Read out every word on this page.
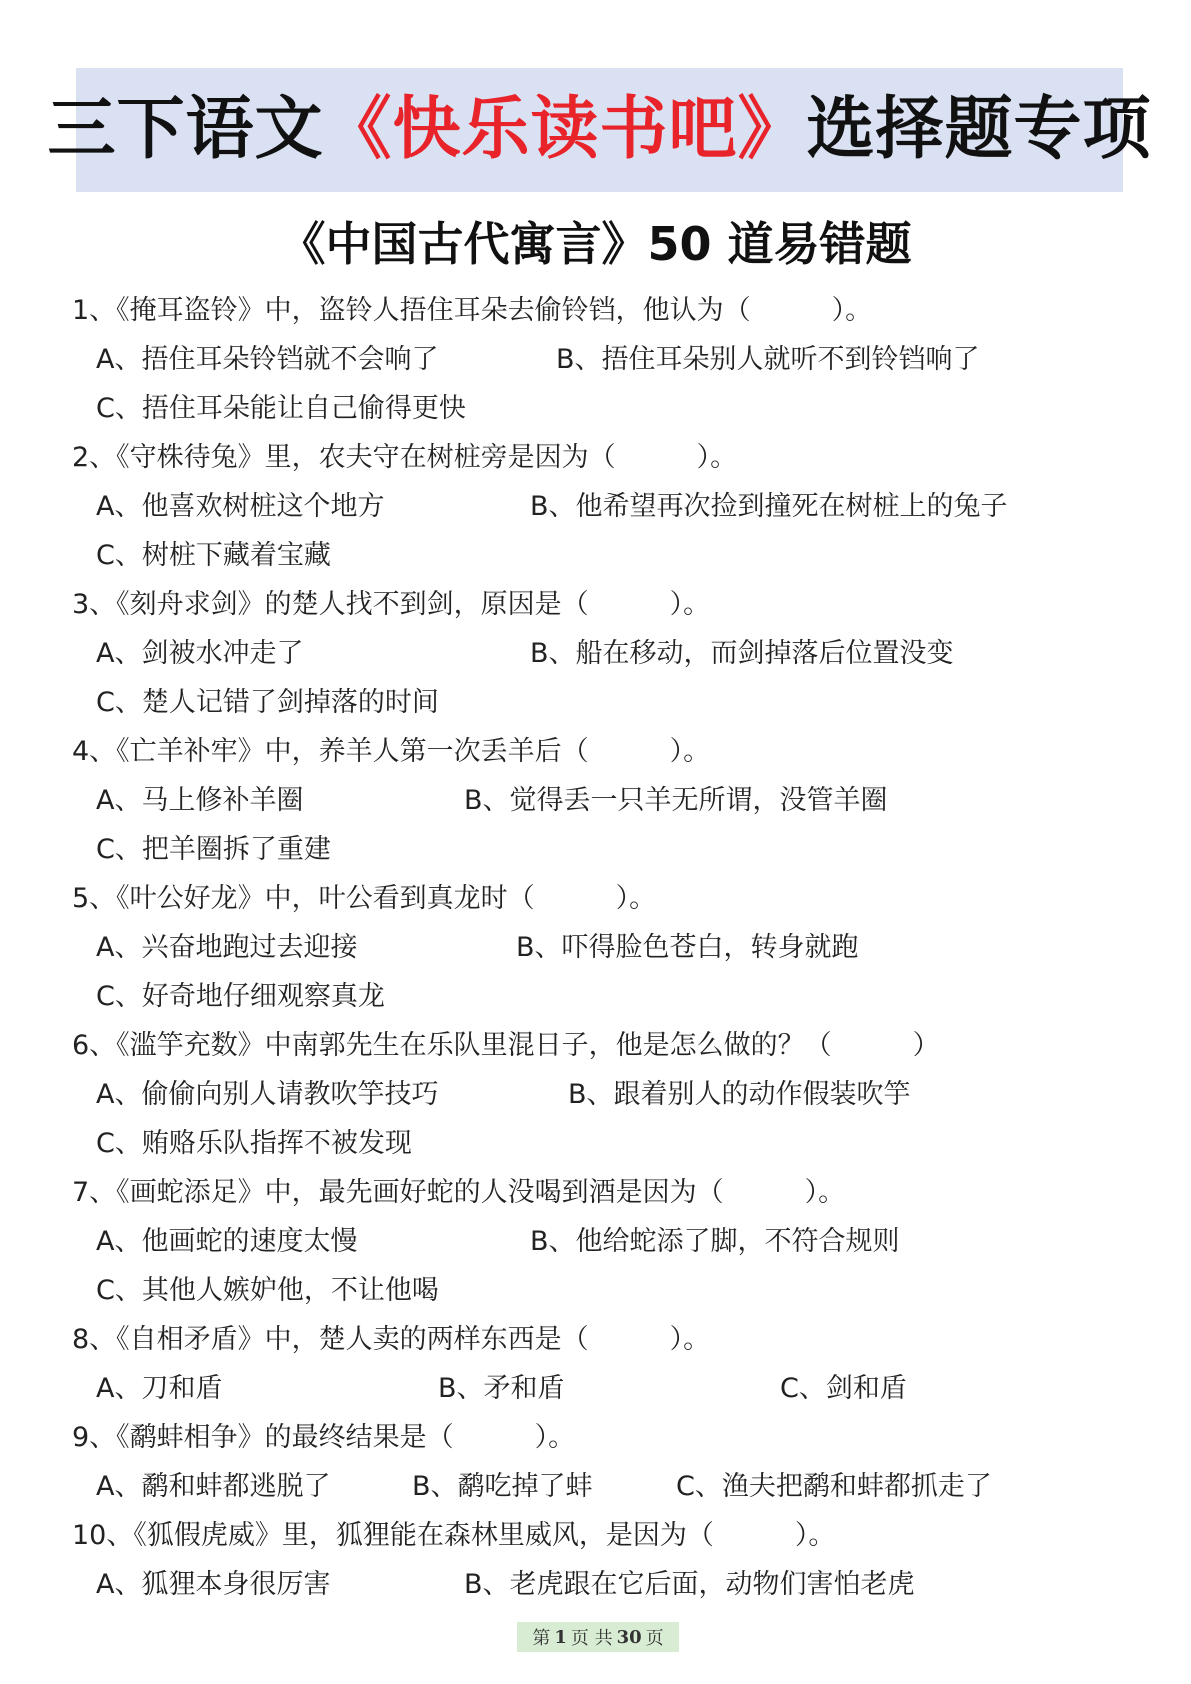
三下语文 《快乐读书吧》 选择题专项
《中国古代寓言》50 道易错题
1、《掩耳盗铃》中，盗铃人捂住耳朵去偷铃铛，他认为（　　　）。
A、捂住耳朵铃铛就不会响了	B、捂住耳朵别人就听不到铃铛响了
C、捂住耳朵能让自己偷得更快
2、《守株待兔》里，农夫守在树桩旁是因为（　　　）。
A、他喜欢树桩这个地方	B、他希望再次捡到撞死在树桩上的兔子
C、树桩下藏着宝藏
3、《刻舟求剑》的楚人找不到剑，原因是（　　　）。
A、剑被水冲走了	B、船在移动，而剑掉落后位置没变
C、楚人记错了剑掉落的时间
4、《亡羊补牢》中，养羊人第一次丢羊后（　　　）。
A、马上修补羊圈	B、觉得丢一只羊无所谓，没管羊圈
C、把羊圈拆了重建
5、《叶公好龙》中，叶公看到真龙时（　　　）。
A、兴奋地跑过去迎接	B、吓得脸色苍白，转身就跑
C、好奇地仔细观察真龙
6、《滥竽充数》中南郭先生在乐队里混日子，他是怎么做的？（　　　）
A、偷偷向别人请教吹竽技巧	B、跟着别人的动作假装吹竽
C、贿赂乐队指挥不被发现
7、《画蛇添足》中，最先画好蛇的人没喝到酒是因为（　　　）。
A、他画蛇的速度太慢	B、他给蛇添了脚，不符合规则
C、其他人嫉妒他，不让他喝
8、《自相矛盾》中，楚人卖的两样东西是（　　　）。
A、刀和盾	B、矛和盾	C、剑和盾
9、《鹬蚌相争》的最终结果是（　　　）。
A、鹬和蚌都逃脱了	B、鹬吃掉了蚌	C、渔夫把鹬和蚌都抓走了
10、《狐假虎威》里，狐狸能在森林里威风，是因为（　　　）。
A、狐狸本身很厉害	B、老虎跟在它后面，动物们害怕老虎
第 1 页 共 30 页
